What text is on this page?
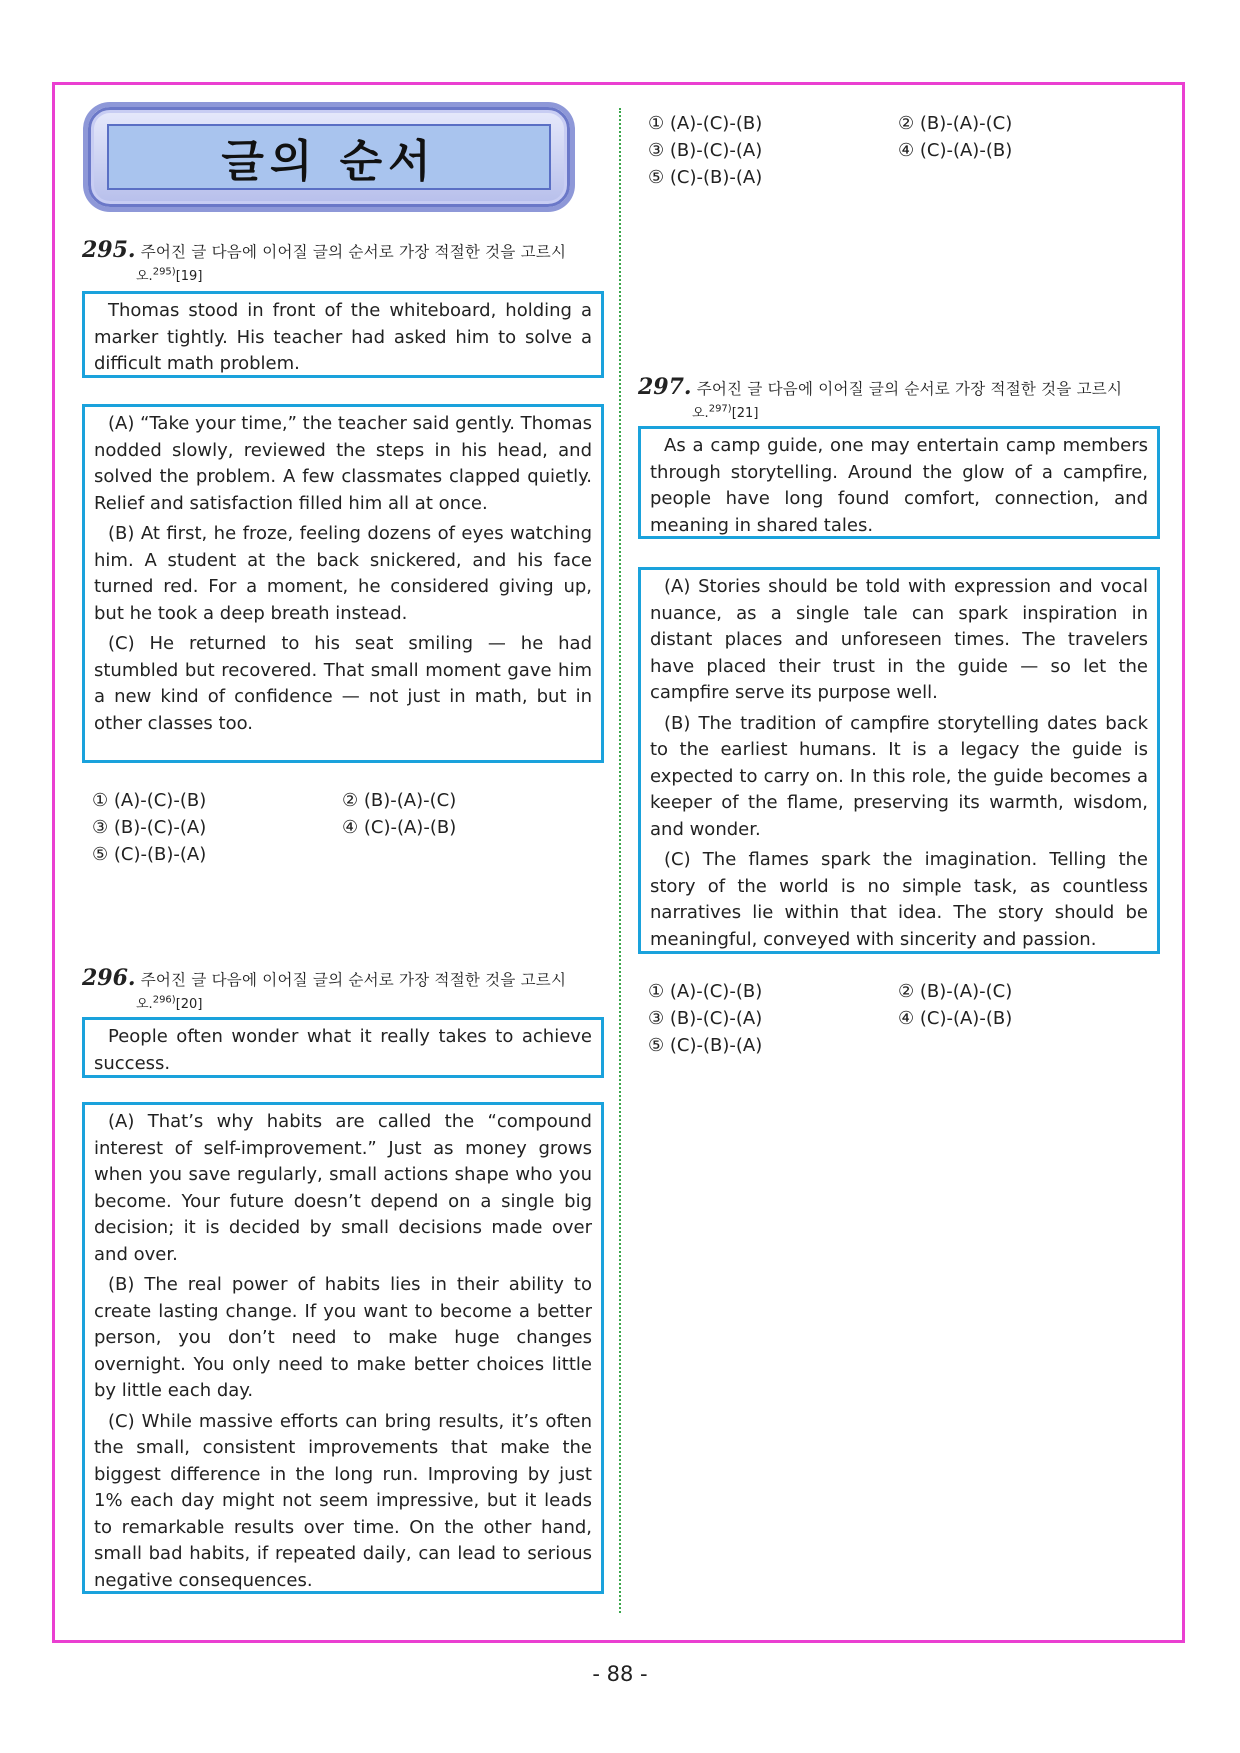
글의 순서
295. 주어진 글 다음에 이어질 글의 순서로 가장 적절한 것을 고르시
오.$^{295)}$[19]

Thomas stood in front of the whiteboard, holding a marker tightly. His teacher had asked him to solve a difficult math problem.

(A) “Take your time,” the teacher said gently. Thomas nodded slowly, reviewed the steps in his head, and solved the problem. A few classmates clapped quietly. Relief and satisfaction filled him all at once.

(B) At first, he froze, feeling dozens of eyes watching him. A student at the back snickered, and his face turned red. For a moment, he considered giving up, but he took a deep breath instead.

(C) He returned to his seat smiling — he had stumbled but recovered. That small moment gave him a new kind of confidence — not just in math, but in other classes too.

① (A)-(C)-(B)	② (B)-(A)-(C)
③ (B)-(C)-(A)	④ (C)-(A)-(B)
⑤ (C)-(B)-(A)
296. 주어진 글 다음에 이어질 글의 순서로 가장 적절한 것을 고르시
오.$^{296)}$[20]

People often wonder what it really takes to achieve success.

(A) That’s why habits are called the “compound interest of self-improvement.” Just as money grows when you save regularly, small actions shape who you become. Your future doesn’t depend on a single big decision; it is decided by small decisions made over and over.

(B) The real power of habits lies in their ability to create lasting change. If you want to become a better person, you don’t need to make huge changes overnight. You only need to make better choices little by little each day.

(C) While massive efforts can bring results, it’s often the small, consistent improvements that make the biggest difference in the long run. Improving by just 1% each day might not seem impressive, but it leads to remarkable results over time. On the other hand, small bad habits, if repeated daily, can lead to serious negative consequences.

① (A)-(C)-(B)	② (B)-(A)-(C)
③ (B)-(C)-(A)	④ (C)-(A)-(B)
⑤ (C)-(B)-(A)
297. 주어진 글 다음에 이어질 글의 순서로 가장 적절한 것을 고르시
오.$^{297)}$[21]

As a camp guide, one may entertain camp members through storytelling. Around the glow of a campfire, people have long found comfort, connection, and meaning in shared tales.

(A) Stories should be told with expression and vocal nuance, as a single tale can spark inspiration in distant places and unforeseen times. The travelers have placed their trust in the guide — so let the campfire serve its purpose well.

(B) The tradition of campfire storytelling dates back to the earliest humans. It is a legacy the guide is expected to carry on. In this role, the guide becomes a keeper of the flame, preserving its warmth, wisdom, and wonder.

(C) The flames spark the imagination. Telling the story of the world is no simple task, as countless narratives lie within that idea. The story should be meaningful, conveyed with sincerity and passion.

① (A)-(C)-(B)	② (B)-(A)-(C)
③ (B)-(C)-(A)	④ (C)-(A)-(B)
⑤ (C)-(B)-(A)
- 88 -
